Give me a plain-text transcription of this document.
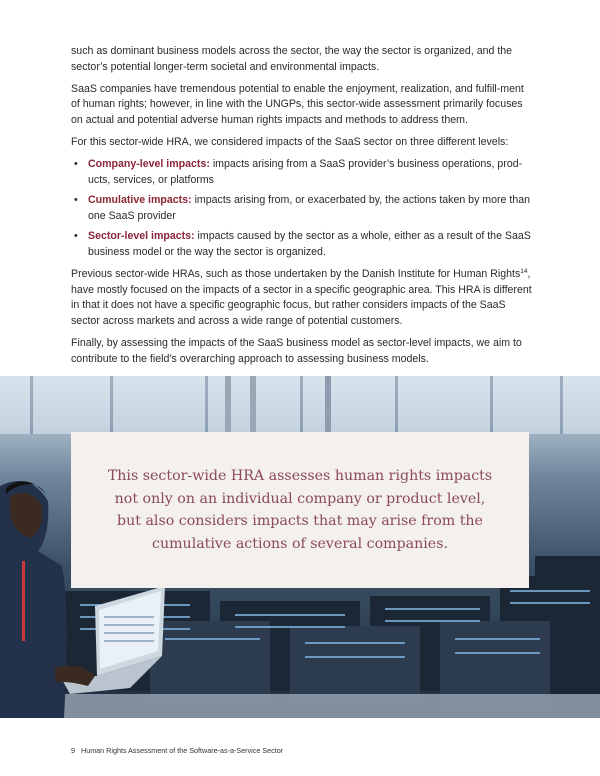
such as dominant business models across the sector, the way the sector is organized, and the sector’s potential longer-term societal and environmental impacts.

SaaS companies have tremendous potential to enable the enjoyment, realization, and fulfill-ment of human rights; however, in line with the UNGPs, this sector-wide assessment primarily focuses on actual and potential adverse human rights impacts and methods to address them.

For this sector-wide HRA, we considered impacts of the SaaS sector on three different levels:

• Company-level impacts: impacts arising from a SaaS provider’s business operations, prod-ucts, services, or platforms
• Cumulative impacts: impacts arising from, or exacerbated by, the actions taken by more than one SaaS provider
• Sector-level impacts: impacts caused by the sector as a whole, either as a result of the SaaS business model or the way the sector is organized.

Previous sector-wide HRAs, such as those undertaken by the Danish Institute for Human Rights$^{14}$, have mostly focused on the impacts of a sector in a specific geographic area. This HRA is different in that it does not have a specific geographic focus, but rather considers impacts of the SaaS sector across markets and across a wide range of potential customers.

Finally, by assessing the impacts of the SaaS business model as sector-level impacts, we aim to contribute to the field’s overarching approach to assessing business models.

This sector-wide HRA assesses human rights impacts
not only on an individual company or product level,
but also considers impacts that may arise from the
cumulative actions of several companies.
9 Human Rights Assessment of the Software-as-a-Service Sector
